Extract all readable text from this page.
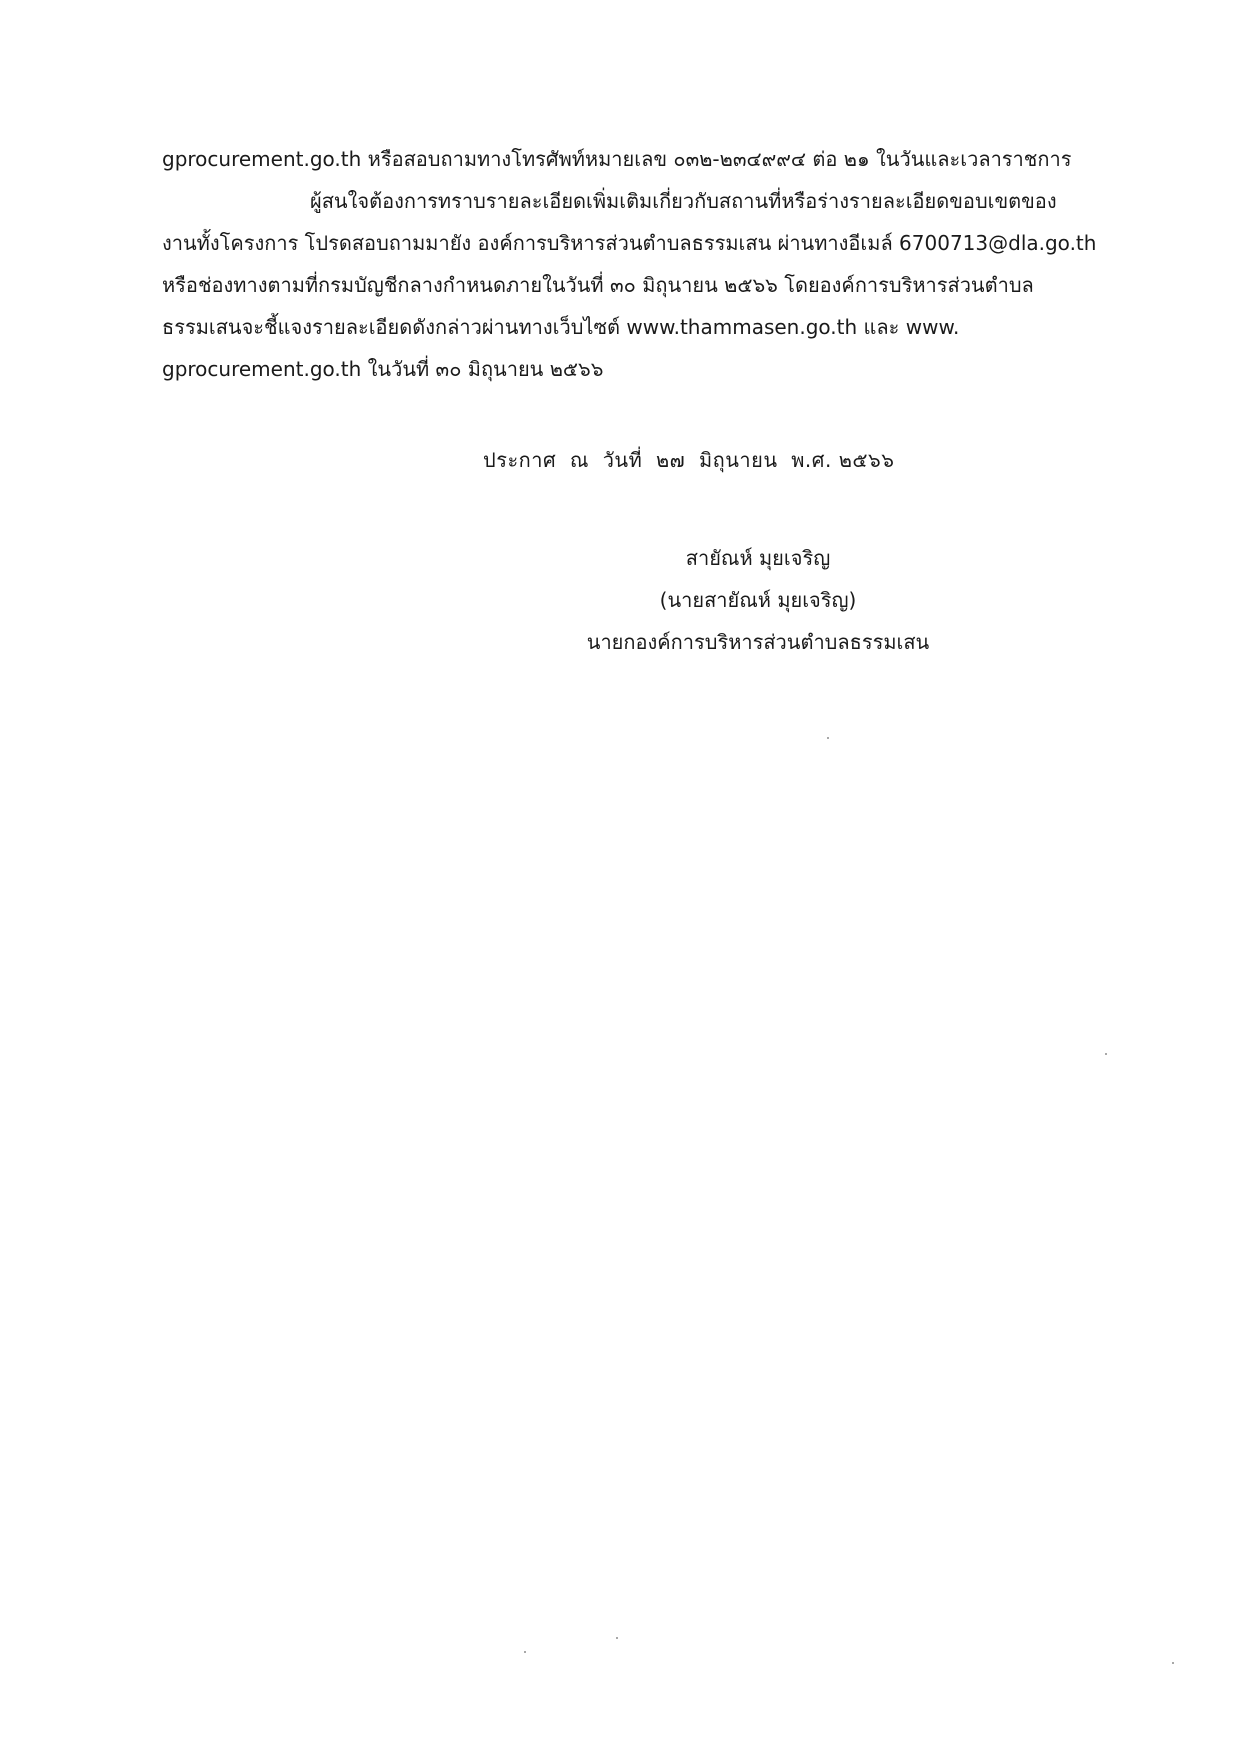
gprocurement.go.th หรือสอบถามทางโทรศัพท์หมายเลข ๐๓๒-๒๓๔๙๙๔ ต่อ ๒๑ ในวันและเวลาราชการ
ผู้สนใจต้องการทราบรายละเอียดเพิ่มเติมเกี่ยวกับสถานที่หรือร่างรายละเอียดขอบเขตของ
งานทั้งโครงการ โปรดสอบถามมายัง องค์การบริหารส่วนตำบลธรรมเสน ผ่านทางอีเมล์ 6700713@dla.go.th
หรือช่องทางตามที่กรมบัญชีกลางกำหนดภายในวันที่ ๓๐ มิถุนายน ๒๕๖๖ โดยองค์การบริหารส่วนตำบล
ธรรมเสนจะชี้แจงรายละเอียดดังกล่าวผ่านทางเว็บไซต์ www.thammasen.go.th และ www.
gprocurement.go.th ในวันที่ ๓๐ มิถุนายน ๒๕๖๖
ประกาศ  ณ  วันที่  ๒๗  มิถุนายน  พ.ศ. ๒๕๖๖
สายัณห์ มุยเจริญ
(นายสายัณห์ มุยเจริญ)
นายกองค์การบริหารส่วนตำบลธรรมเสน
